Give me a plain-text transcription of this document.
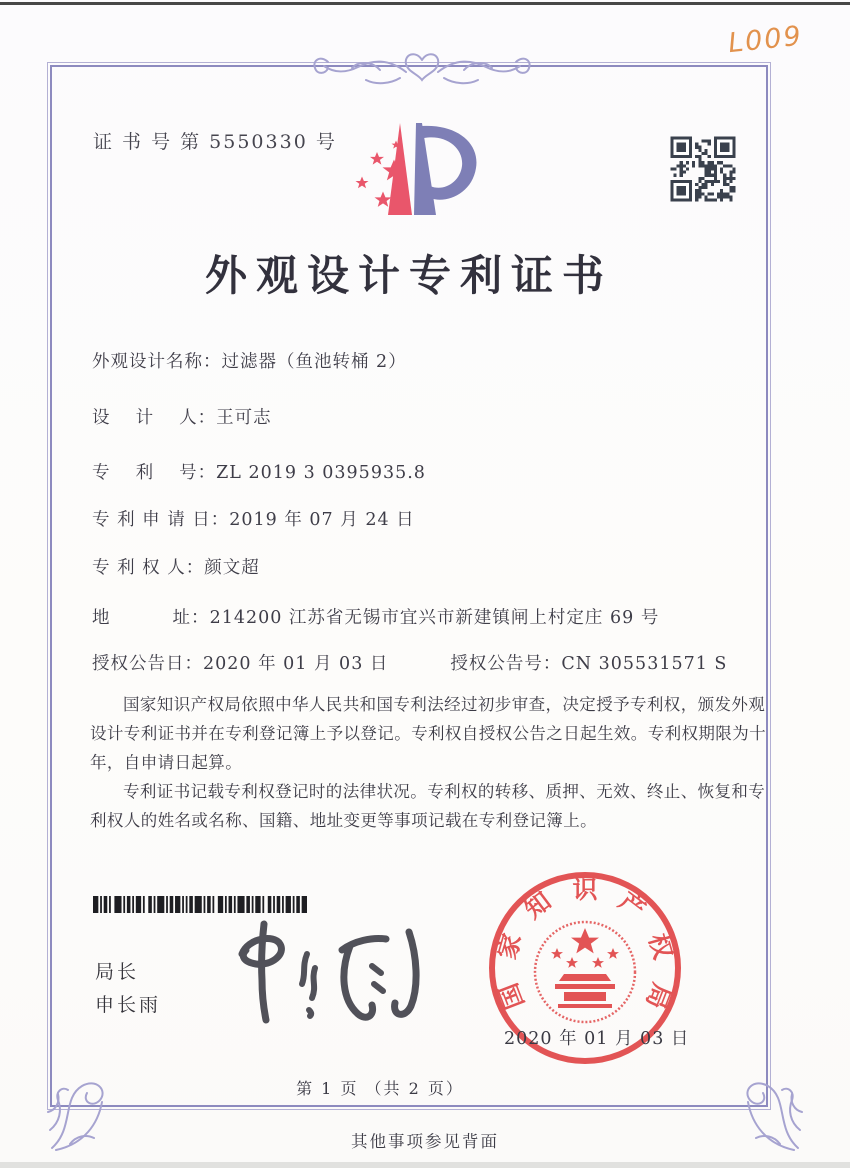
L009
证 书 号 第 5550330 号
外观设计专利证书
外观设计名称：过滤器（鱼池转桶 2）
设　 计　 人：王可志
专　 利　 号：ZL 2019 3 0395935.8
专 利 申 请 日：2019 年 07 月 24 日
专 利 权 人：颜文超
地　　　 址：214200 江苏省无锡市宜兴市新建镇闸上村定庄 69 号
授权公告日：2020 年 01 月 03 日	授权公告号：CN 305531571 S

国家知识产权局依照中华人民共和国专利法经过初步审查，决定授予专利权，颁发外观设计专利证书并在专利登记簿上予以登记。专利权自授权公告之日起生效。专利权期限为十年，自申请日起算。

专利证书记载专利权登记时的法律状况。专利权的转移、质押、无效、终止、恢复和专利权人的姓名或名称、国籍、地址变更等事项记载在专利登记簿上。

局长
申长雨	国
家
知 识 产
权
局
2020 年 01 月 03 日
第 1 页 （共 2 页）
其他事项参见背面
